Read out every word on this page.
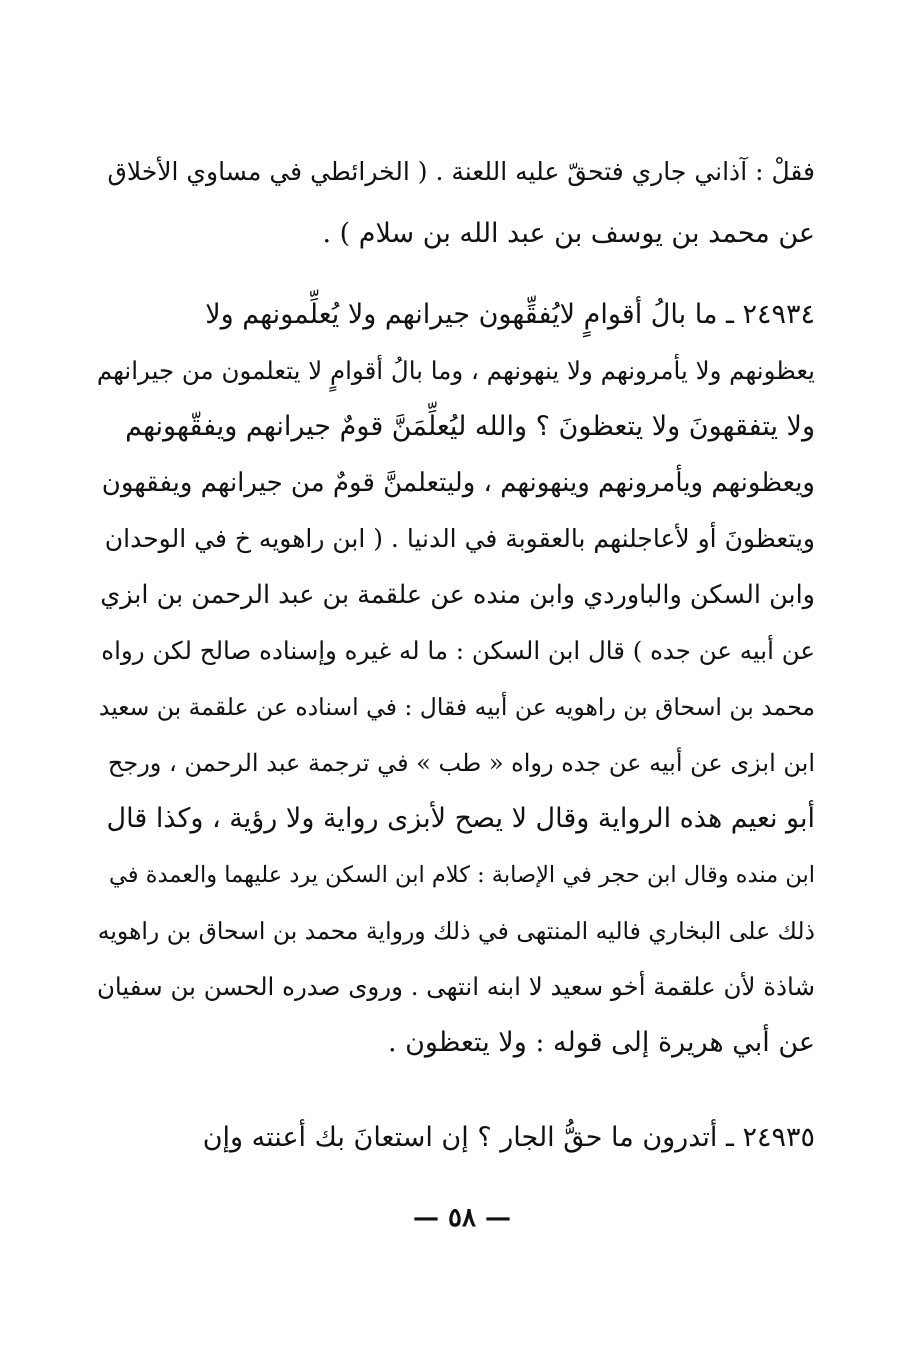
فقلْ : آذاني جاري فتحقّ عليه اللعنة . ( الخرائطي في مساوي الأخلاق
عن محمد بن يوسف بن عبد الله بن سلام ) .
٢٤٩٣٤ ـ ما بالُ أقوامٍ لايُفقِّهون جيرانهم ولا يُعلِّمونهم ولا
يعظونهم ولا يأمرونهم ولا ينهونهم ، وما بالُ أقوامٍ لا يتعلمون من جيرانهم
ولا يتفقهونَ ولا يتعظونَ ؟ والله ليُعلِّمَنَّ قومٌ جيرانهم ويفقّهونهم
ويعظونهم ويأمرونهم وينهونهم ، وليتعلمنَّ قومٌ من جيرانهم ويفقهون
ويتعظونَ أو لأعاجلنهم بالعقوبة في الدنيا . ( ابن راهويه خ في الوحدان
وابن السكن والباوردي وابن منده عن علقمة بن عبد الرحمن بن ابزي
عن أبيه عن جده ) قال ابن السكن : ما له غيره وإسناده صالح لكن رواه
محمد بن اسحاق بن راهويه عن أبيه فقال : في اسناده عن علقمة بن سعيد
ابن ابزى عن أبيه عن جده رواه « طب » في ترجمة عبد الرحمن ، ورجح
أبو نعيم هذه الرواية وقال لا يصح لأبزى رواية ولا رؤية ، وكذا قال
ابن منده وقال ابن حجر في الإصابة : كلام ابن السكن يرد عليهما والعمدة في
ذلك على البخاري فاليه المنتهى في ذلك ورواية محمد بن اسحاق بن راهويه
شاذة لأن علقمة أخو سعيد لا ابنه انتهى . وروى صدره الحسن بن سفيان
عن أبي هريرة إلى قوله : ولا يتعظون .
٢٤٩٣٥ ـ أتدرون ما حقُّ الجار ؟ إن استعانَ بك أعنته وإن
— ٥٨ —
